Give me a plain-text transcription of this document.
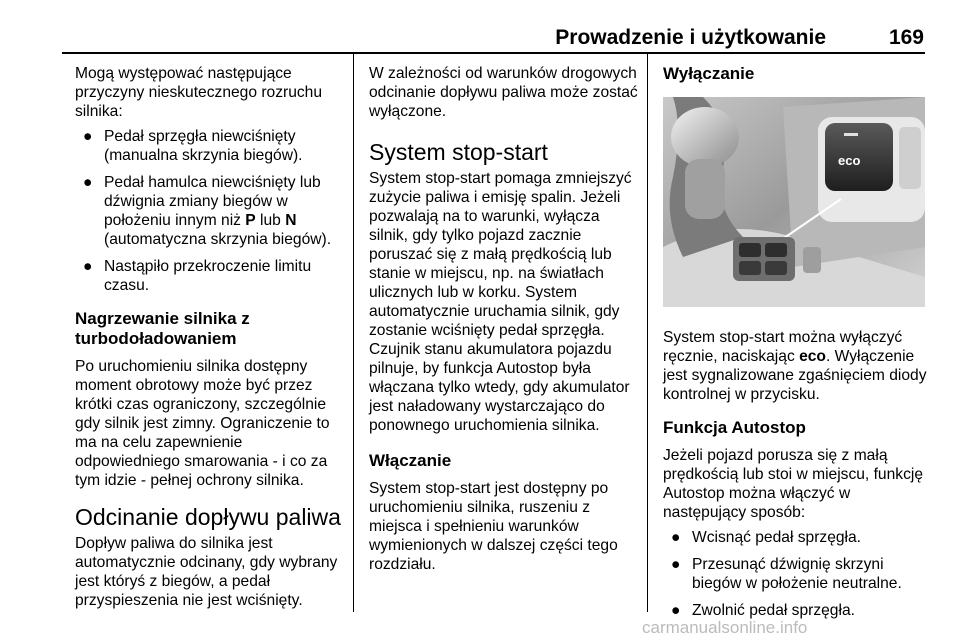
Prowadzenie i użytkowanie	169

Mogą występować następujące przyczyny nieskutecznego rozruchu silnika:

● Pedał sprzęgła niewciśnięty (manualna skrzynia biegów).
● Pedał hamulca niewciśnięty lub dźwignia zmiany biegów w położeniu innym niż P lub N (automatyczna skrzynia biegów).
● Nastąpiło przekroczenie limitu czasu.

Nagrzewanie silnika z turbodoładowaniem

Po uruchomieniu silnika dostępny moment obrotowy może być przez krótki czas ograniczony, szczególnie gdy silnik jest zimny. Ograniczenie to ma na celu zapewnienie odpowiedniego smarowania - i co za tym idzie - pełnej ochrony silnika.

Odcinanie dopływu paliwa

Dopływ paliwa do silnika jest automatycznie odcinany, gdy wybrany jest któryś z biegów, a pedał przyspieszenia nie jest wciśnięty.

W zależności od warunków drogowych odcinanie dopływu paliwa może zostać wyłączone.

System stop-start

System stop-start pomaga zmniejszyć zużycie paliwa i emisję spalin. Jeżeli pozwalają na to warunki, wyłącza silnik, gdy tylko pojazd zacznie poruszać się z małą prędkością lub stanie w miejscu, np. na światłach ulicznych lub w korku. System automatycznie uruchamia silnik, gdy zostanie wciśnięty pedał sprzęgła. Czujnik stanu akumulatora pojazdu pilnuje, by funkcja Autostop była włączana tylko wtedy, gdy akumulator jest naładowany wystarczająco do ponownego uruchomienia silnika.

Włączanie

System stop-start jest dostępny po uruchomieniu silnika, ruszeniu z miejsca i spełnieniu warunków wymienionych w dalszej części tego rozdziału.

Wyłączanie

eco

System stop-start można wyłączyć ręcznie, naciskając eco. Wyłączenie jest sygnalizowane zgaśnięciem diody kontrolnej w przycisku.

Funkcja Autostop

Jeżeli pojazd porusza się z małą prędkością lub stoi w miejscu, funkcję Autostop można włączyć w następujący sposób:

● Wcisnąć pedał sprzęgła.
● Przesunąć dźwignię skrzyni biegów w położenie neutralne.
● Zwolnić pedał sprzęgła.
carmanualsonline.info
